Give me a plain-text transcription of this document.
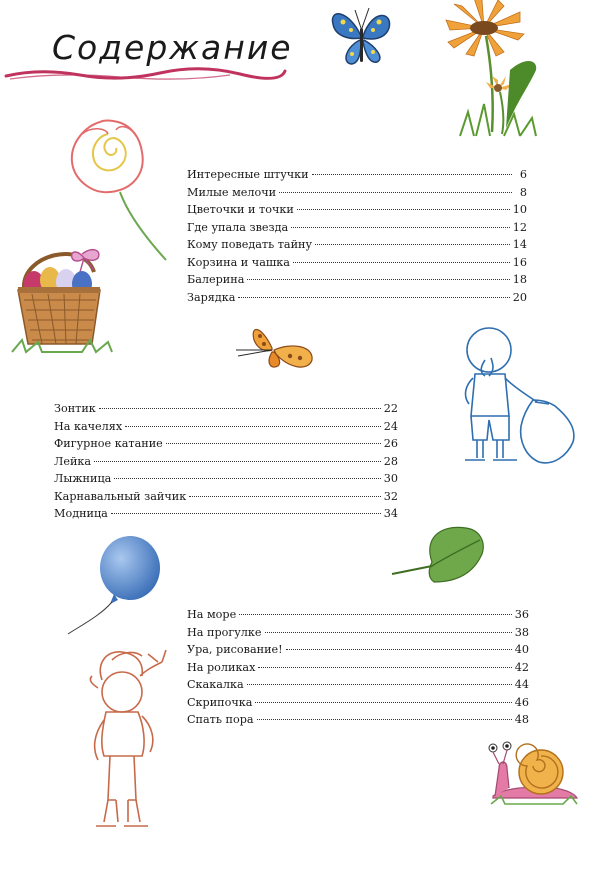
Содержание
Интересные штучки	6
Милые мелочи	8
Цветочки и точки	10
Где упала звезда	12
Кому поведать тайну	14
Корзина и чашка	16
Балерина	18
Зарядка	20
Зонтик	22
На качелях	24
Фигурное катание	26
Лейка	28
Лыжница	30
Карнавальный зайчик	32
Модница	34
На море	36
На прогулке	38
Ура, рисование!	40
На роликах	42
Скакалка	44
Скрипочка	46
Спать пора	48
